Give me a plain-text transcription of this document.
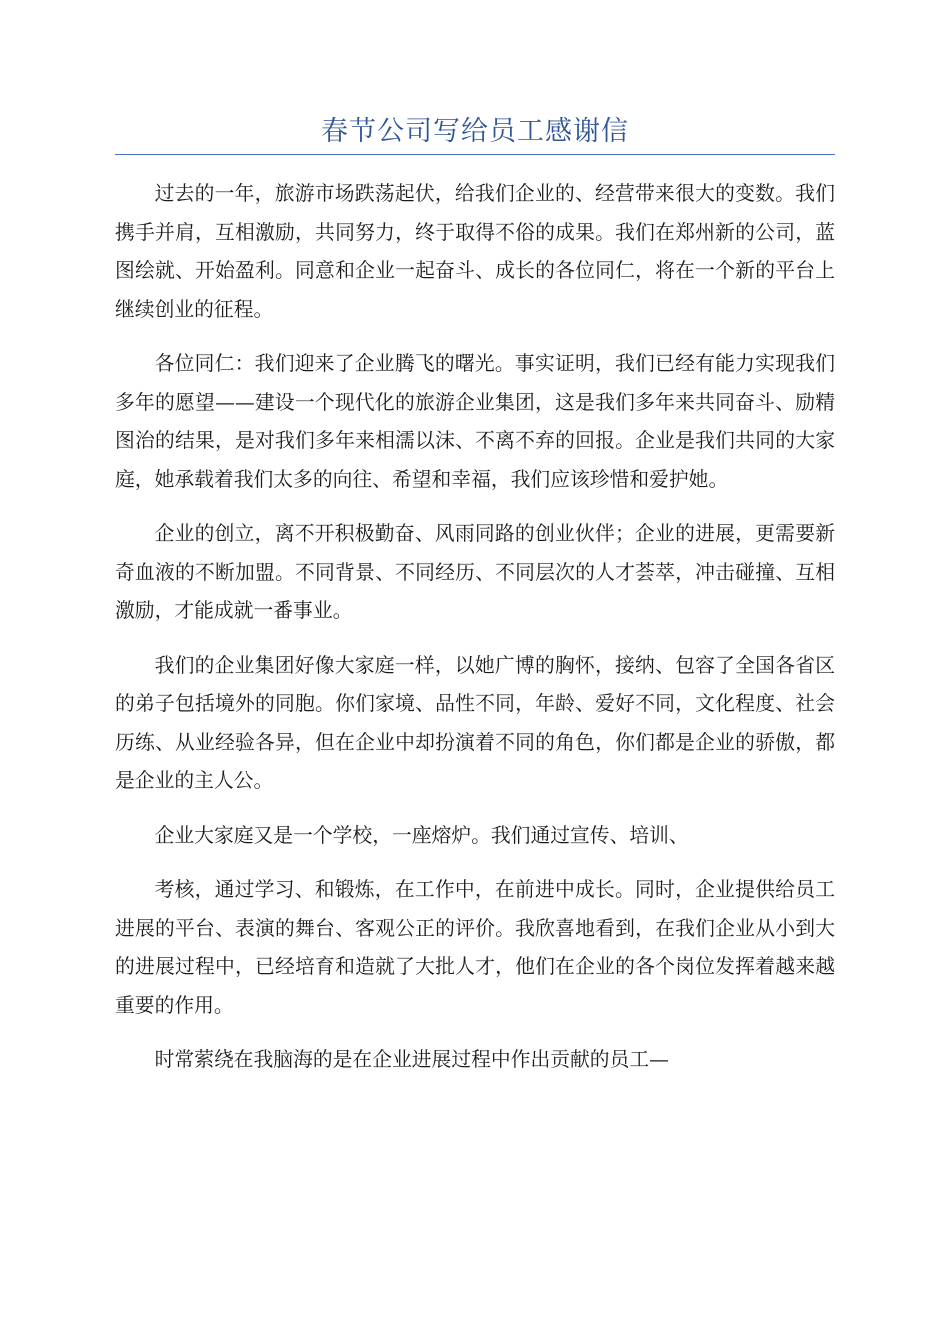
春节公司写给员工感谢信

过去的一年，旅游市场跌荡起伏，给我们企业的、经营带来很大的变数。我们携手并肩，互相激励，共同努力，终于取得不俗的成果。我们在郑州新的公司，蓝图绘就、开始盈利。同意和企业一起奋斗、成长的各位同仁，将在一个新的平台上继续创业的征程。

各位同仁：我们迎来了企业腾飞的曙光。事实证明，我们已经有能力实现我们多年的愿望——建设一个现代化的旅游企业集团，这是我们多年来共同奋斗、励精图治的结果，是对我们多年来相濡以沫、不离不弃的回报。企业是我们共同的大家庭，她承载着我们太多的向往、希望和幸福，我们应该珍惜和爱护她。

企业的创立，离不开积极勤奋、风雨同路的创业伙伴；企业的进展，更需要新奇血液的不断加盟。不同背景、不同经历、不同层次的人才荟萃，冲击碰撞、互相激励，才能成就一番事业。

我们的企业集团好像大家庭一样，以她广博的胸怀，接纳、包容了全国各省区的弟子包括境外的同胞。你们家境、品性不同，年龄、爱好不同，文化程度、社会历练、从业经验各异，但在企业中却扮演着不同的角色，你们都是企业的骄傲，都是企业的主人公。

企业大家庭又是一个学校，一座熔炉。我们通过宣传、培训、

考核，通过学习、和锻炼，在工作中，在前进中成长。同时，企业提供给员工进展的平台、表演的舞台、客观公正的评价。我欣喜地看到，在我们企业从小到大的进展过程中，已经培育和造就了大批人才，他们在企业的各个岗位发挥着越来越重要的作用。

时常萦绕在我脑海的是在企业进展过程中作出贡献的员工—
